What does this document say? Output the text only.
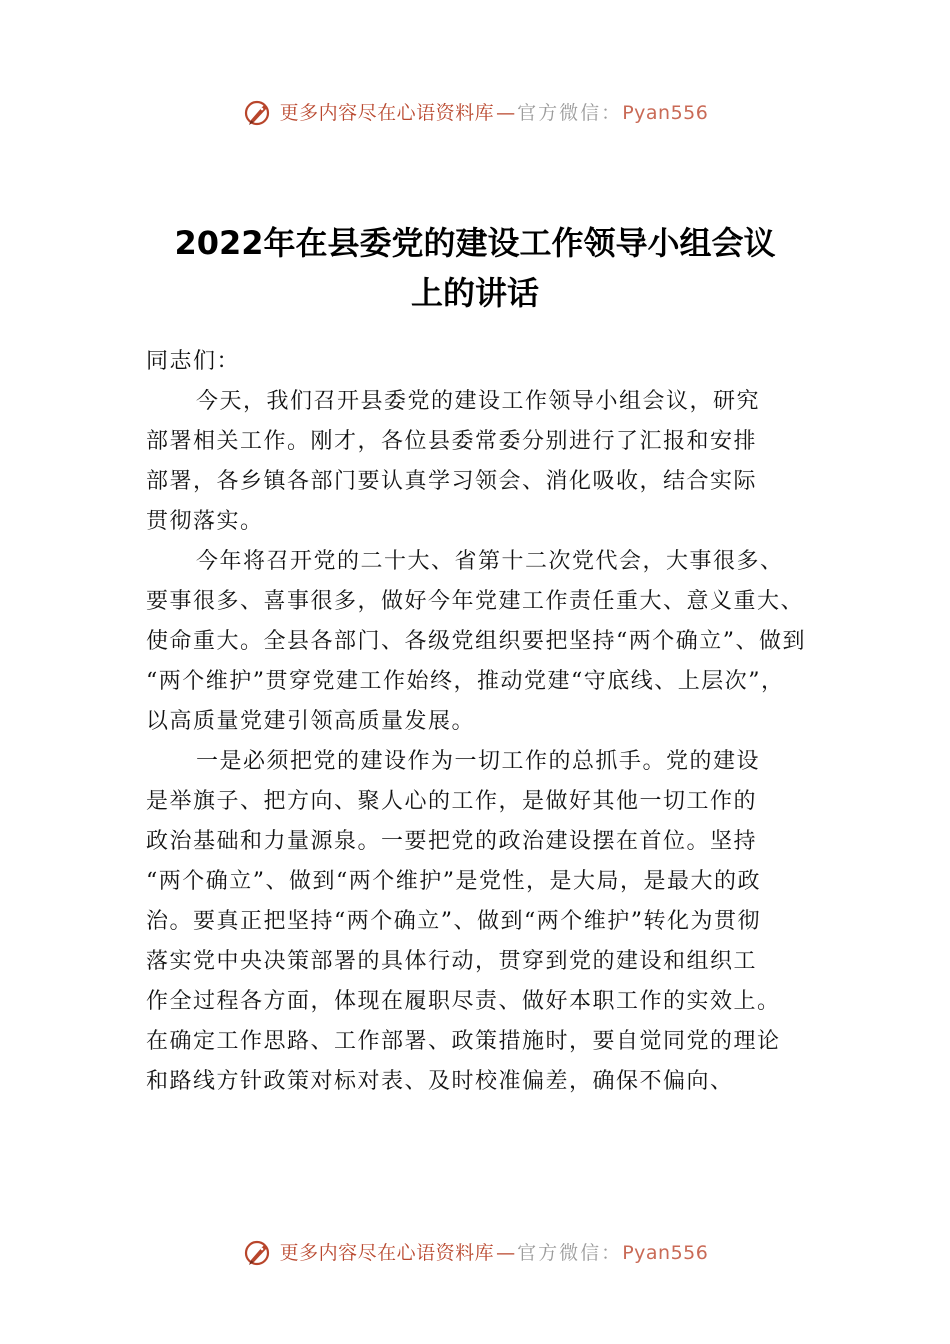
更多内容尽在心语资料库 — 官方微信： Pyan556
2022年在县委党的建设工作领导小组会议
上的讲话
同志们：
今天，我们召开县委党的建设工作领导小组会议，研究
部署相关工作。刚才，各位县委常委分别进行了汇报和安排
部署，各乡镇各部门要认真学习领会、消化吸收，结合实际
贯彻落实。
今年将召开党的二十大、省第十二次党代会，大事很多、
要事很多、喜事很多，做好今年党建工作责任重大、意义重大、
使命重大。全县各部门、各级党组织要把坚持“两个确立”、做到
“两个维护”贯穿党建工作始终，推动党建“守底线、上层次”，
以高质量党建引领高质量发展。
一是必须把党的建设作为一切工作的总抓手。党的建设
是举旗子、把方向、聚人心的工作，是做好其他一切工作的
政治基础和力量源泉。一要把党的政治建设摆在首位。坚持
“两个确立”、做到“两个维护”是党性，是大局，是最大的政
治。要真正把坚持“两个确立”、做到“两个维护”转化为贯彻
落实党中央决策部署的具体行动，贯穿到党的建设和组织工
作全过程各方面，体现在履职尽责、做好本职工作的实效上。
在确定工作思路、工作部署、政策措施时，要自觉同党的理论
和路线方针政策对标对表、及时校准偏差，确保不偏向、
更多内容尽在心语资料库 — 官方微信： Pyan556
